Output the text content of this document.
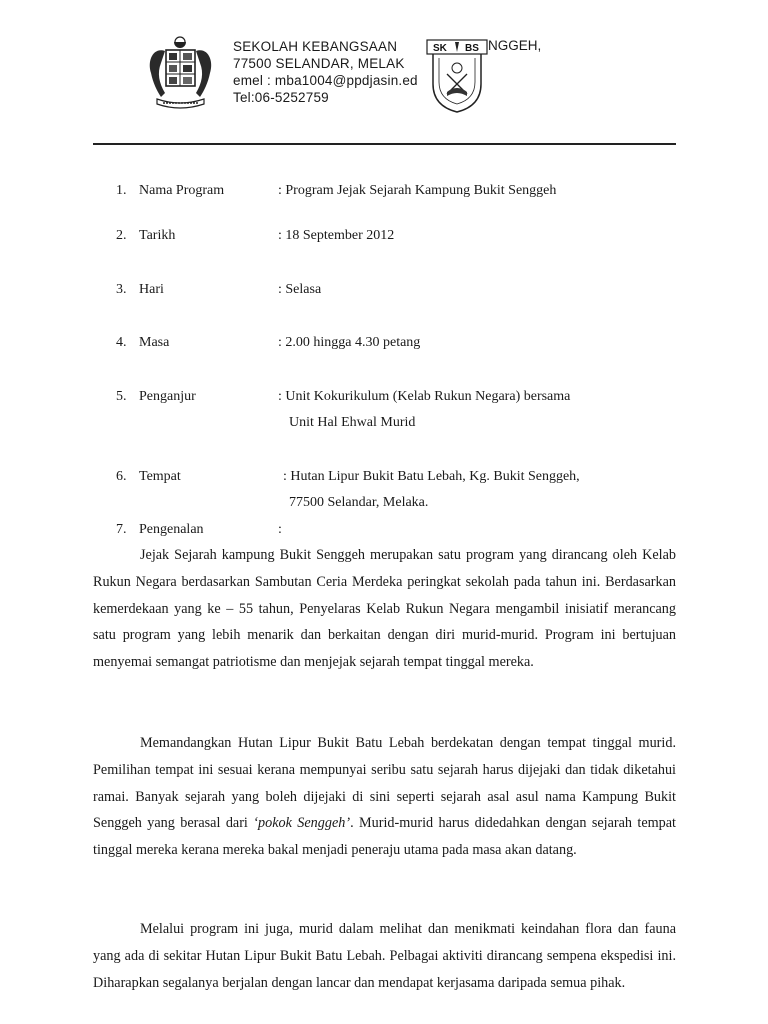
SK BS
SEKOLAH KEBANGSAAN
77500 SELANDAR, MELAK
emel : mba1004@ppdjasin.ed
Tel:06-5252759
NGGEH,
1. Nama Program	: Program Jejak Sejarah Kampung Bukit Senggeh
2. Tarikh	: 18 September 2012
3. Hari	: Selasa
4. Masa	: 2.00 hingga 4.30 petang
5. Penganjur	: Unit Kokurikulum (Kelab Rukun Negara) bersama
Unit Hal Ehwal Murid
6. Tempat	: Hutan Lipur Bukit Batu Lebah, Kg. Bukit Senggeh,
77500 Selandar, Melaka.
7. Pengenalan	:
Jejak Sejarah kampung Bukit Senggeh merupakan satu program yang dirancang oleh Kelab Rukun Negara berdasarkan Sambutan Ceria Merdeka peringkat sekolah pada tahun ini. Berdasarkan kemerdekaan yang ke – 55 tahun, Penyelaras Kelab Rukun Negara mengambil inisiatif merancang satu program yang lebih menarik dan berkaitan dengan diri murid-murid. Program ini bertujuan menyemai semangat patriotisme dan menjejak sejarah tempat tinggal mereka.
Memandangkan Hutan Lipur Bukit Batu Lebah berdekatan dengan tempat tinggal murid. Pemilihan tempat ini sesuai kerana mempunyai seribu satu sejarah harus dijejaki dan tidak diketahui ramai. Banyak sejarah yang boleh dijejaki di sini seperti sejarah asal asul nama Kampung Bukit Senggeh yang berasal dari ‘pokok Senggeh’. Murid-murid harus didedahkan dengan sejarah tempat tinggal mereka kerana mereka bakal menjadi peneraju utama pada masa akan datang.
Melalui program ini juga, murid dalam melihat dan menikmati keindahan flora dan fauna yang ada di sekitar Hutan Lipur Bukit Batu Lebah. Pelbagai aktiviti dirancang sempena ekspedisi ini. Diharapkan segalanya berjalan dengan lancar dan mendapat kerjasama daripada semua pihak.
